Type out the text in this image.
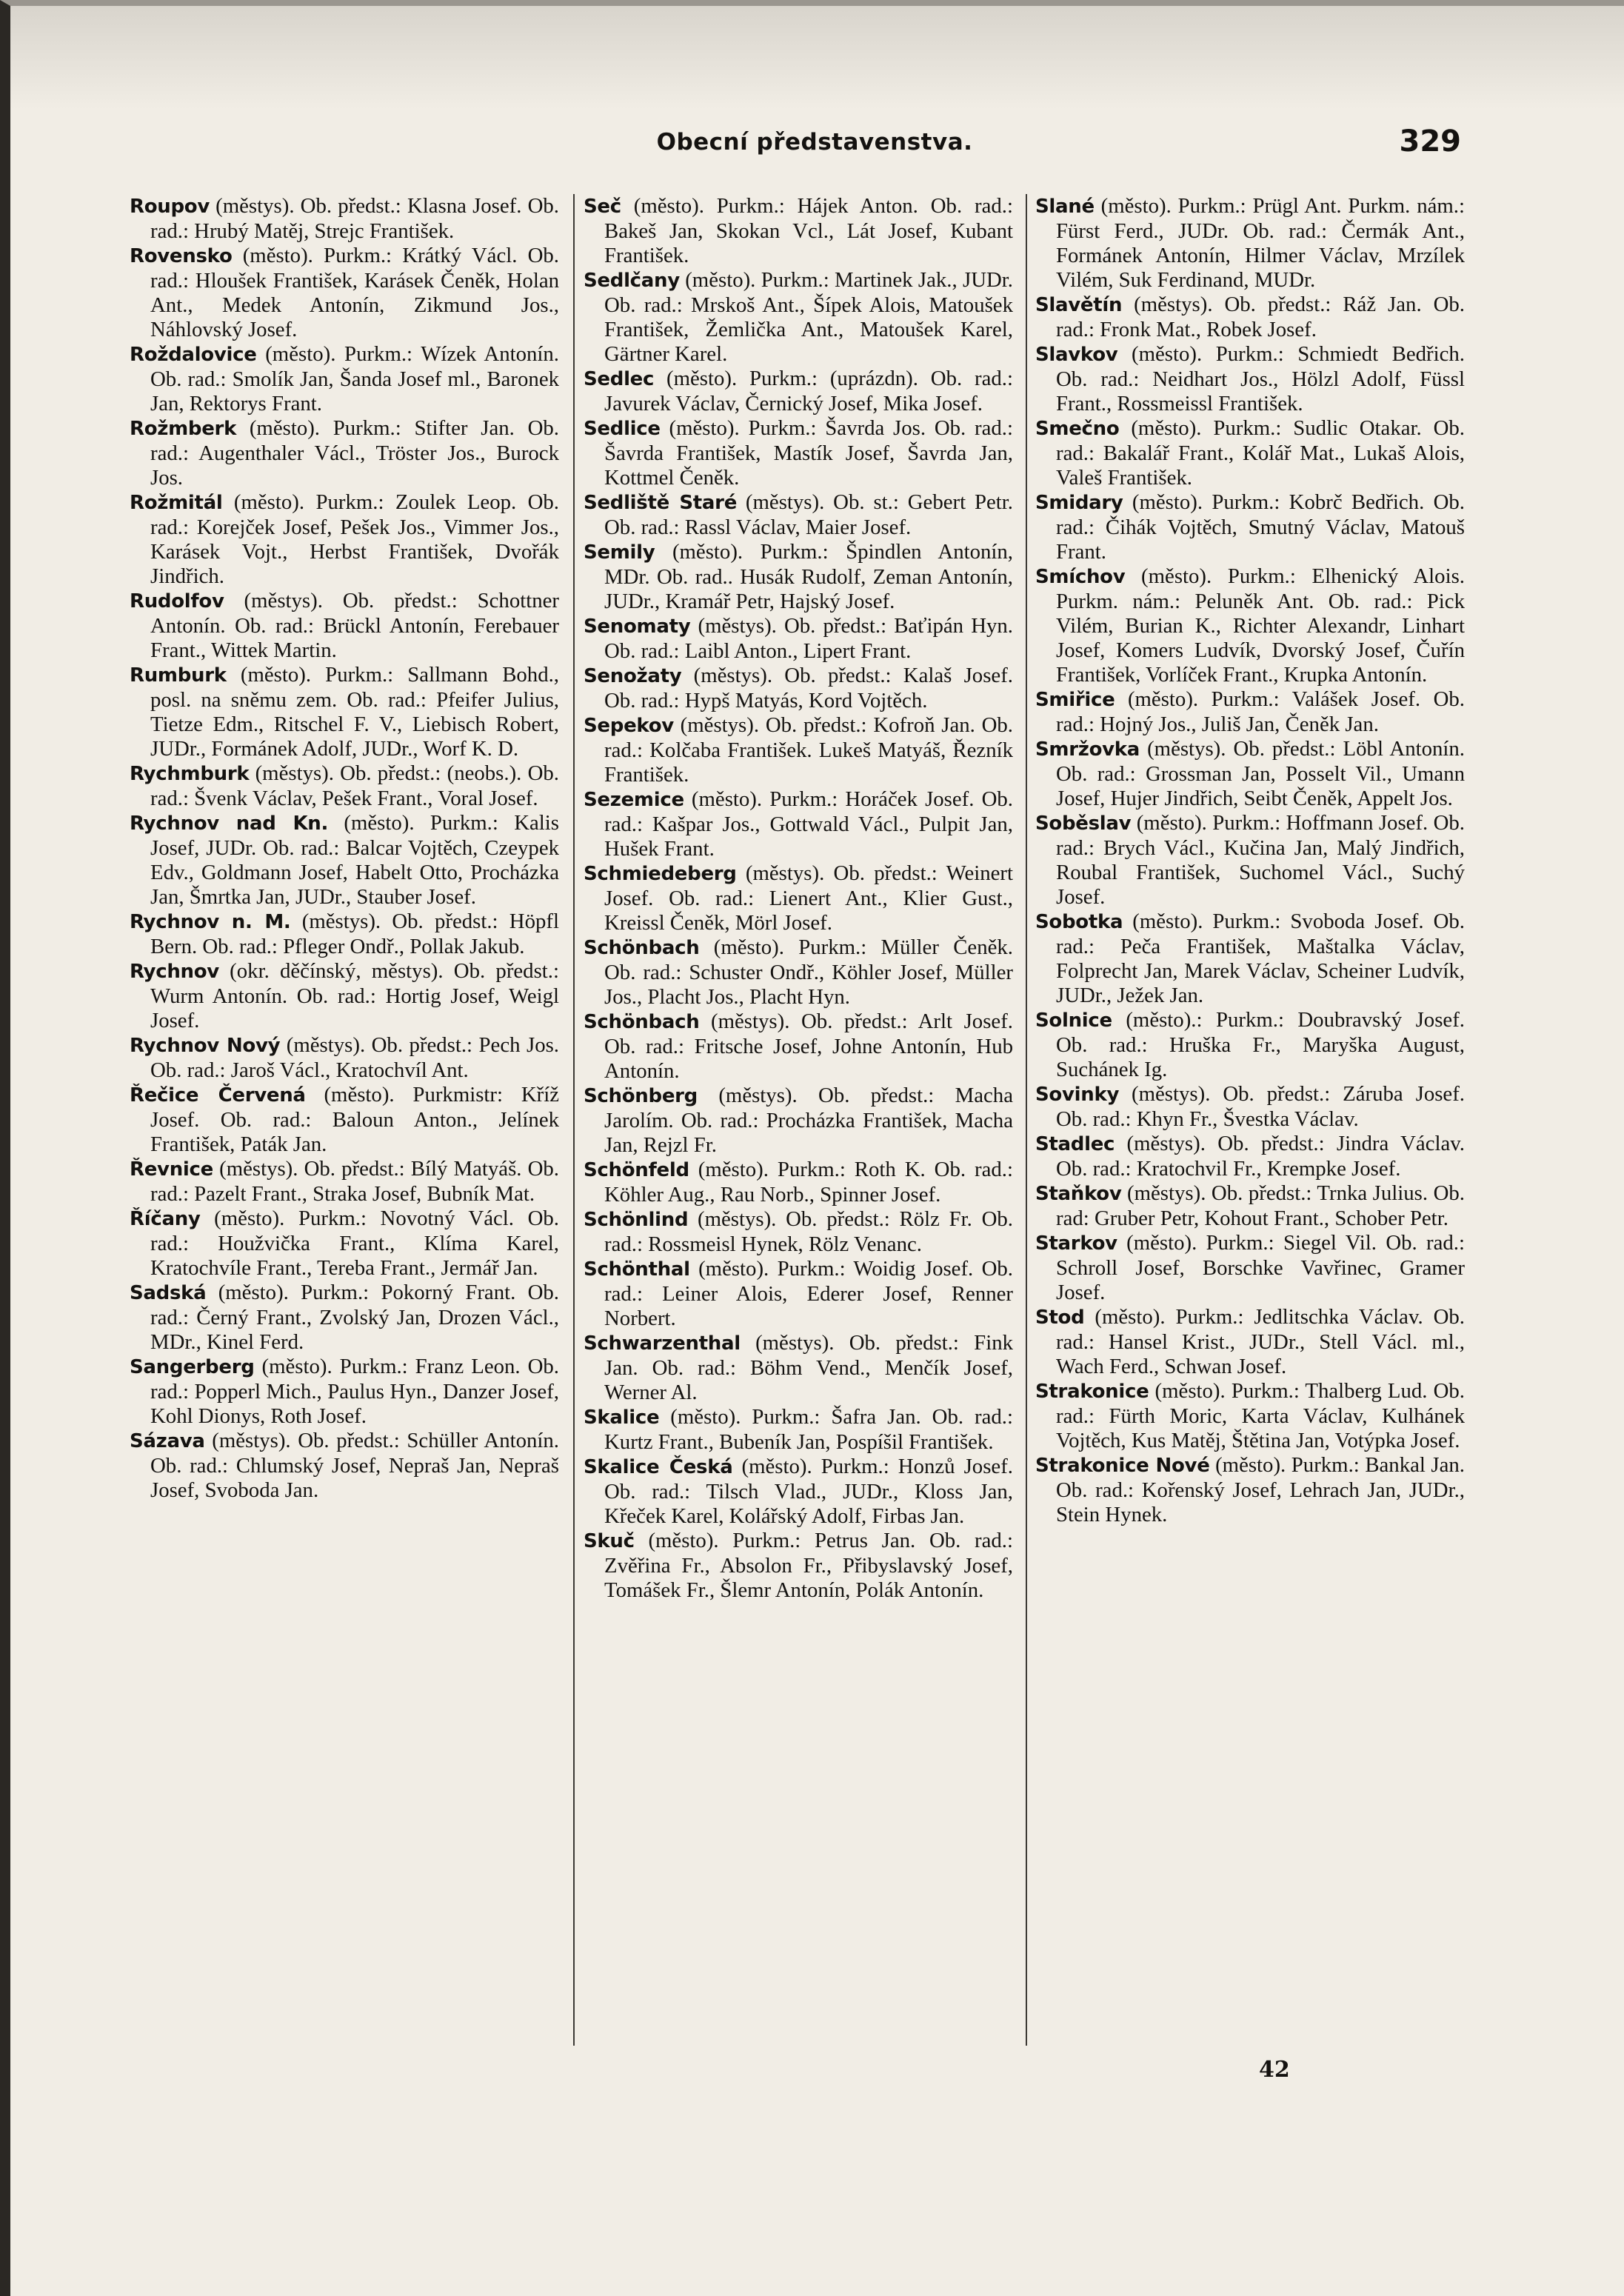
Obecní představenstva.	329

Roupov (městys). Ob. předst.: Klasna Josef. Ob. rad.: Hrubý Matěj, Strejc František.

Rovensko (město). Purkm.: Krátký Václ. Ob. rad.: Hloušek František, Karásek Čeněk, Holan Ant., Medek Antonín, Zikmund Jos., Náhlovský Josef.

Roždalovice (město). Purkm.: Wízek Antonín. Ob. rad.: Smolík Jan, Šanda Josef ml., Baronek Jan, Rektorys Frant.

Rožmberk (město). Purkm.: Stifter Jan. Ob. rad.: Augenthaler Václ., Tröster Jos., Burock Jos.

Rožmitál (město). Purkm.: Zoulek Leop. Ob. rad.: Korejček Josef, Pešek Jos., Vimmer Jos., Karásek Vojt., Herbst František, Dvořák Jindřich.

Rudolfov (městys). Ob. předst.: Schottner Antonín. Ob. rad.: Brückl Antonín, Ferebauer Frant., Wittek Martin.

Rumburk (město). Purkm.: Sallmann Bohd., posl. na sněmu zem. Ob. rad.: Pfeifer Julius, Tietze Edm., Ritschel F. V., Liebisch Robert, JUDr., Formánek Adolf, JUDr., Worf K. D.

Rychmburk (městys). Ob. předst.: (neobs.). Ob. rad.: Švenk Václav, Pešek Frant., Voral Josef.

Rychnov nad Kn. (město). Purkm.: Kalis Josef, JUDr. Ob. rad.: Balcar Vojtěch, Czeypek Edv., Goldmann Josef, Habelt Otto, Procházka Jan, Šmrtka Jan, JUDr., Stauber Josef.

Rychnov n. M. (městys). Ob. předst.: Höpfl Bern. Ob. rad.: Pfleger Ondř., Pollak Jakub.

Rychnov (okr. děčínský, městys). Ob. předst.: Wurm Antonín. Ob. rad.: Hortig Josef, Weigl Josef.

Rychnov Nový (městys). Ob. předst.: Pech Jos. Ob. rad.: Jaroš Václ., Kratochvíl Ant.

Řečice Červená (město). Purkmistr: Kříž Josef. Ob. rad.: Baloun Anton., Jelínek František, Paták Jan.

Řevnice (městys). Ob. předst.: Bílý Matyáš. Ob. rad.: Pazelt Frant., Straka Josef, Bubník Mat.

Říčany (město). Purkm.: Novotný Václ. Ob. rad.: Houžvička Frant., Klíma Karel, Kratochvíle Frant., Tereba Frant., Jermář Jan.

Sadská (město). Purkm.: Pokorný Frant. Ob. rad.: Černý Frant., Zvolský Jan, Drozen Václ., MDr., Kinel Ferd.

Sangerberg (město). Purkm.: Franz Leon. Ob. rad.: Popperl Mich., Paulus Hyn., Danzer Josef, Kohl Dionys, Roth Josef.

Sázava (městys). Ob. předst.: Schüller Antonín. Ob. rad.: Chlumský Josef, Nepraš Jan, Nepraš Josef, Svoboda Jan.

Seč (město). Purkm.: Hájek Anton. Ob. rad.: Bakeš Jan, Skokan Vcl., Lát Josef, Kubant František.

Sedlčany (město). Purkm.: Martinek Jak., JUDr. Ob. rad.: Mrskoš Ant., Šípek Alois, Matoušek František, Žemlička Ant., Matoušek Karel, Gärtner Karel.

Sedlec (město). Purkm.: (uprázdn). Ob. rad.: Javurek Václav, Černický Josef, Mika Josef.

Sedlice (město). Purkm.: Šavrda Jos. Ob. rad.: Šavrda František, Mastík Josef, Šavrda Jan, Kottmel Čeněk.

Sedliště Staré (městys). Ob. st.: Gebert Petr. Ob. rad.: Rassl Václav, Maier Josef.

Semily (město). Purkm.: Špindlen Antonín, MDr. Ob. rad.. Husák Rudolf, Zeman Antonín, JUDr., Kramář Petr, Hajský Josef.

Senomaty (městys). Ob. předst.: Baťipán Hyn. Ob. rad.: Laibl Anton., Lipert Frant.

Senožaty (městys). Ob. předst.: Kalaš Josef. Ob. rad.: Hypš Matyás, Kord Vojtěch.

Sepekov (městys). Ob. předst.: Kofroň Jan. Ob. rad.: Kolčaba František. Lukeš Matyáš, Řezník František.

Sezemice (město). Purkm.: Horáček Josef. Ob. rad.: Kašpar Jos., Gottwald Václ., Pulpit Jan, Hušek Frant.

Schmiedeberg (městys). Ob. předst.: Weinert Josef. Ob. rad.: Lienert Ant., Klier Gust., Kreissl Čeněk, Mörl Josef.

Schönbach (město). Purkm.: Müller Čeněk. Ob. rad.: Schuster Ondř., Köhler Josef, Müller Jos., Placht Jos., Placht Hyn.

Schönbach (městys). Ob. předst.: Arlt Josef. Ob. rad.: Fritsche Josef, Johne Antonín, Hub Antonín.

Schönberg (městys). Ob. předst.: Macha Jarolím. Ob. rad.: Procházka František, Macha Jan, Rejzl Fr.

Schönfeld (město). Purkm.: Roth K. Ob. rad.: Köhler Aug., Rau Norb., Spinner Josef.

Schönlind (městys). Ob. předst.: Rölz Fr. Ob. rad.: Rossmeisl Hynek, Rölz Venanc.

Schönthal (město). Purkm.: Woidig Josef. Ob. rad.: Leiner Alois, Ederer Josef, Renner Norbert.

Schwarzenthal (městys). Ob. předst.: Fink Jan. Ob. rad.: Böhm Vend., Menčík Josef, Werner Al.

Skalice (město). Purkm.: Šafra Jan. Ob. rad.: Kurtz Frant., Bubeník Jan, Pospíšil František.

Skalice Česká (město). Purkm.: Honzů Josef. Ob. rad.: Tilsch Vlad., JUDr., Kloss Jan, Křeček Karel, Kolářský Adolf, Firbas Jan.

Skuč (město). Purkm.: Petrus Jan. Ob. rad.: Zvěřina Fr., Absolon Fr., Přibyslavský Josef, Tomášek Fr., Šlemr Antonín, Polák Antonín.

Slané (město). Purkm.: Prügl Ant. Purkm. nám.: Fürst Ferd., JUDr. Ob. rad.: Čermák Ant., Formánek Antonín, Hilmer Václav, Mrzílek Vilém, Suk Ferdinand, MUDr.

Slavětín (městys). Ob. předst.: Ráž Jan. Ob. rad.: Fronk Mat., Robek Josef.

Slavkov (město). Purkm.: Schmiedt Bedřich. Ob. rad.: Neidhart Jos., Hölzl Adolf, Füssl Frant., Rossmeissl František.

Smečno (město). Purkm.: Sudlic Otakar. Ob. rad.: Bakalář Frant., Kolář Mat., Lukaš Alois, Valeš František.

Smidary (město). Purkm.: Kobrč Bedřich. Ob. rad.: Čihák Vojtěch, Smutný Václav, Matouš Frant.

Smíchov (město). Purkm.: Elhenický Alois. Purkm. nám.: Peluněk Ant. Ob. rad.: Pick Vilém, Burian K., Richter Alexandr, Linhart Josef, Komers Ludvík, Dvorský Josef, Čuřín František, Vorlíček Frant., Krupka Antonín.

Smiřice (město). Purkm.: Valášek Josef. Ob. rad.: Hojný Jos., Juliš Jan, Čeněk Jan.

Smržovka (městys). Ob. předst.: Löbl Antonín. Ob. rad.: Grossman Jan, Posselt Vil., Umann Josef, Hujer Jindřich, Seibt Čeněk, Appelt Jos.

Soběslav (město). Purkm.: Hoffmann Josef. Ob. rad.: Brych Václ., Kučina Jan, Malý Jindřich, Roubal František, Suchomel Václ., Suchý Josef.

Sobotka (město). Purkm.: Svoboda Josef. Ob. rad.: Peča František, Maštalka Václav, Folprecht Jan, Marek Václav, Scheiner Ludvík, JUDr., Ježek Jan.

Solnice (město).: Purkm.: Doubravský Josef. Ob. rad.: Hruška Fr., Maryška August, Suchánek Ig.

Sovinky (městys). Ob. předst.: Záruba Josef. Ob. rad.: Khyn Fr., Švestka Václav.

Stadlec (městys). Ob. předst.: Jindra Václav. Ob. rad.: Kratochvil Fr., Krempke Josef.

Staňkov (městys). Ob. předst.: Trnka Julius. Ob. rad: Gruber Petr, Kohout Frant., Schober Petr.

Starkov (město). Purkm.: Siegel Vil. Ob. rad.: Schroll Josef, Borschke Vavřinec, Gramer Josef.

Stod (město). Purkm.: Jedlitschka Václav. Ob. rad.: Hansel Krist., JUDr., Stell Václ. ml., Wach Ferd., Schwan Josef.

Strakonice (město). Purkm.: Thalberg Lud. Ob. rad.: Fürth Moric, Karta Václav, Kulhánek Vojtěch, Kus Matěj, Štětina Jan, Votýpka Josef.

Strakonice Nové (město). Purkm.: Bankal Jan. Ob. rad.: Kořenský Josef, Lehrach Jan, JUDr., Stein Hynek.

42
